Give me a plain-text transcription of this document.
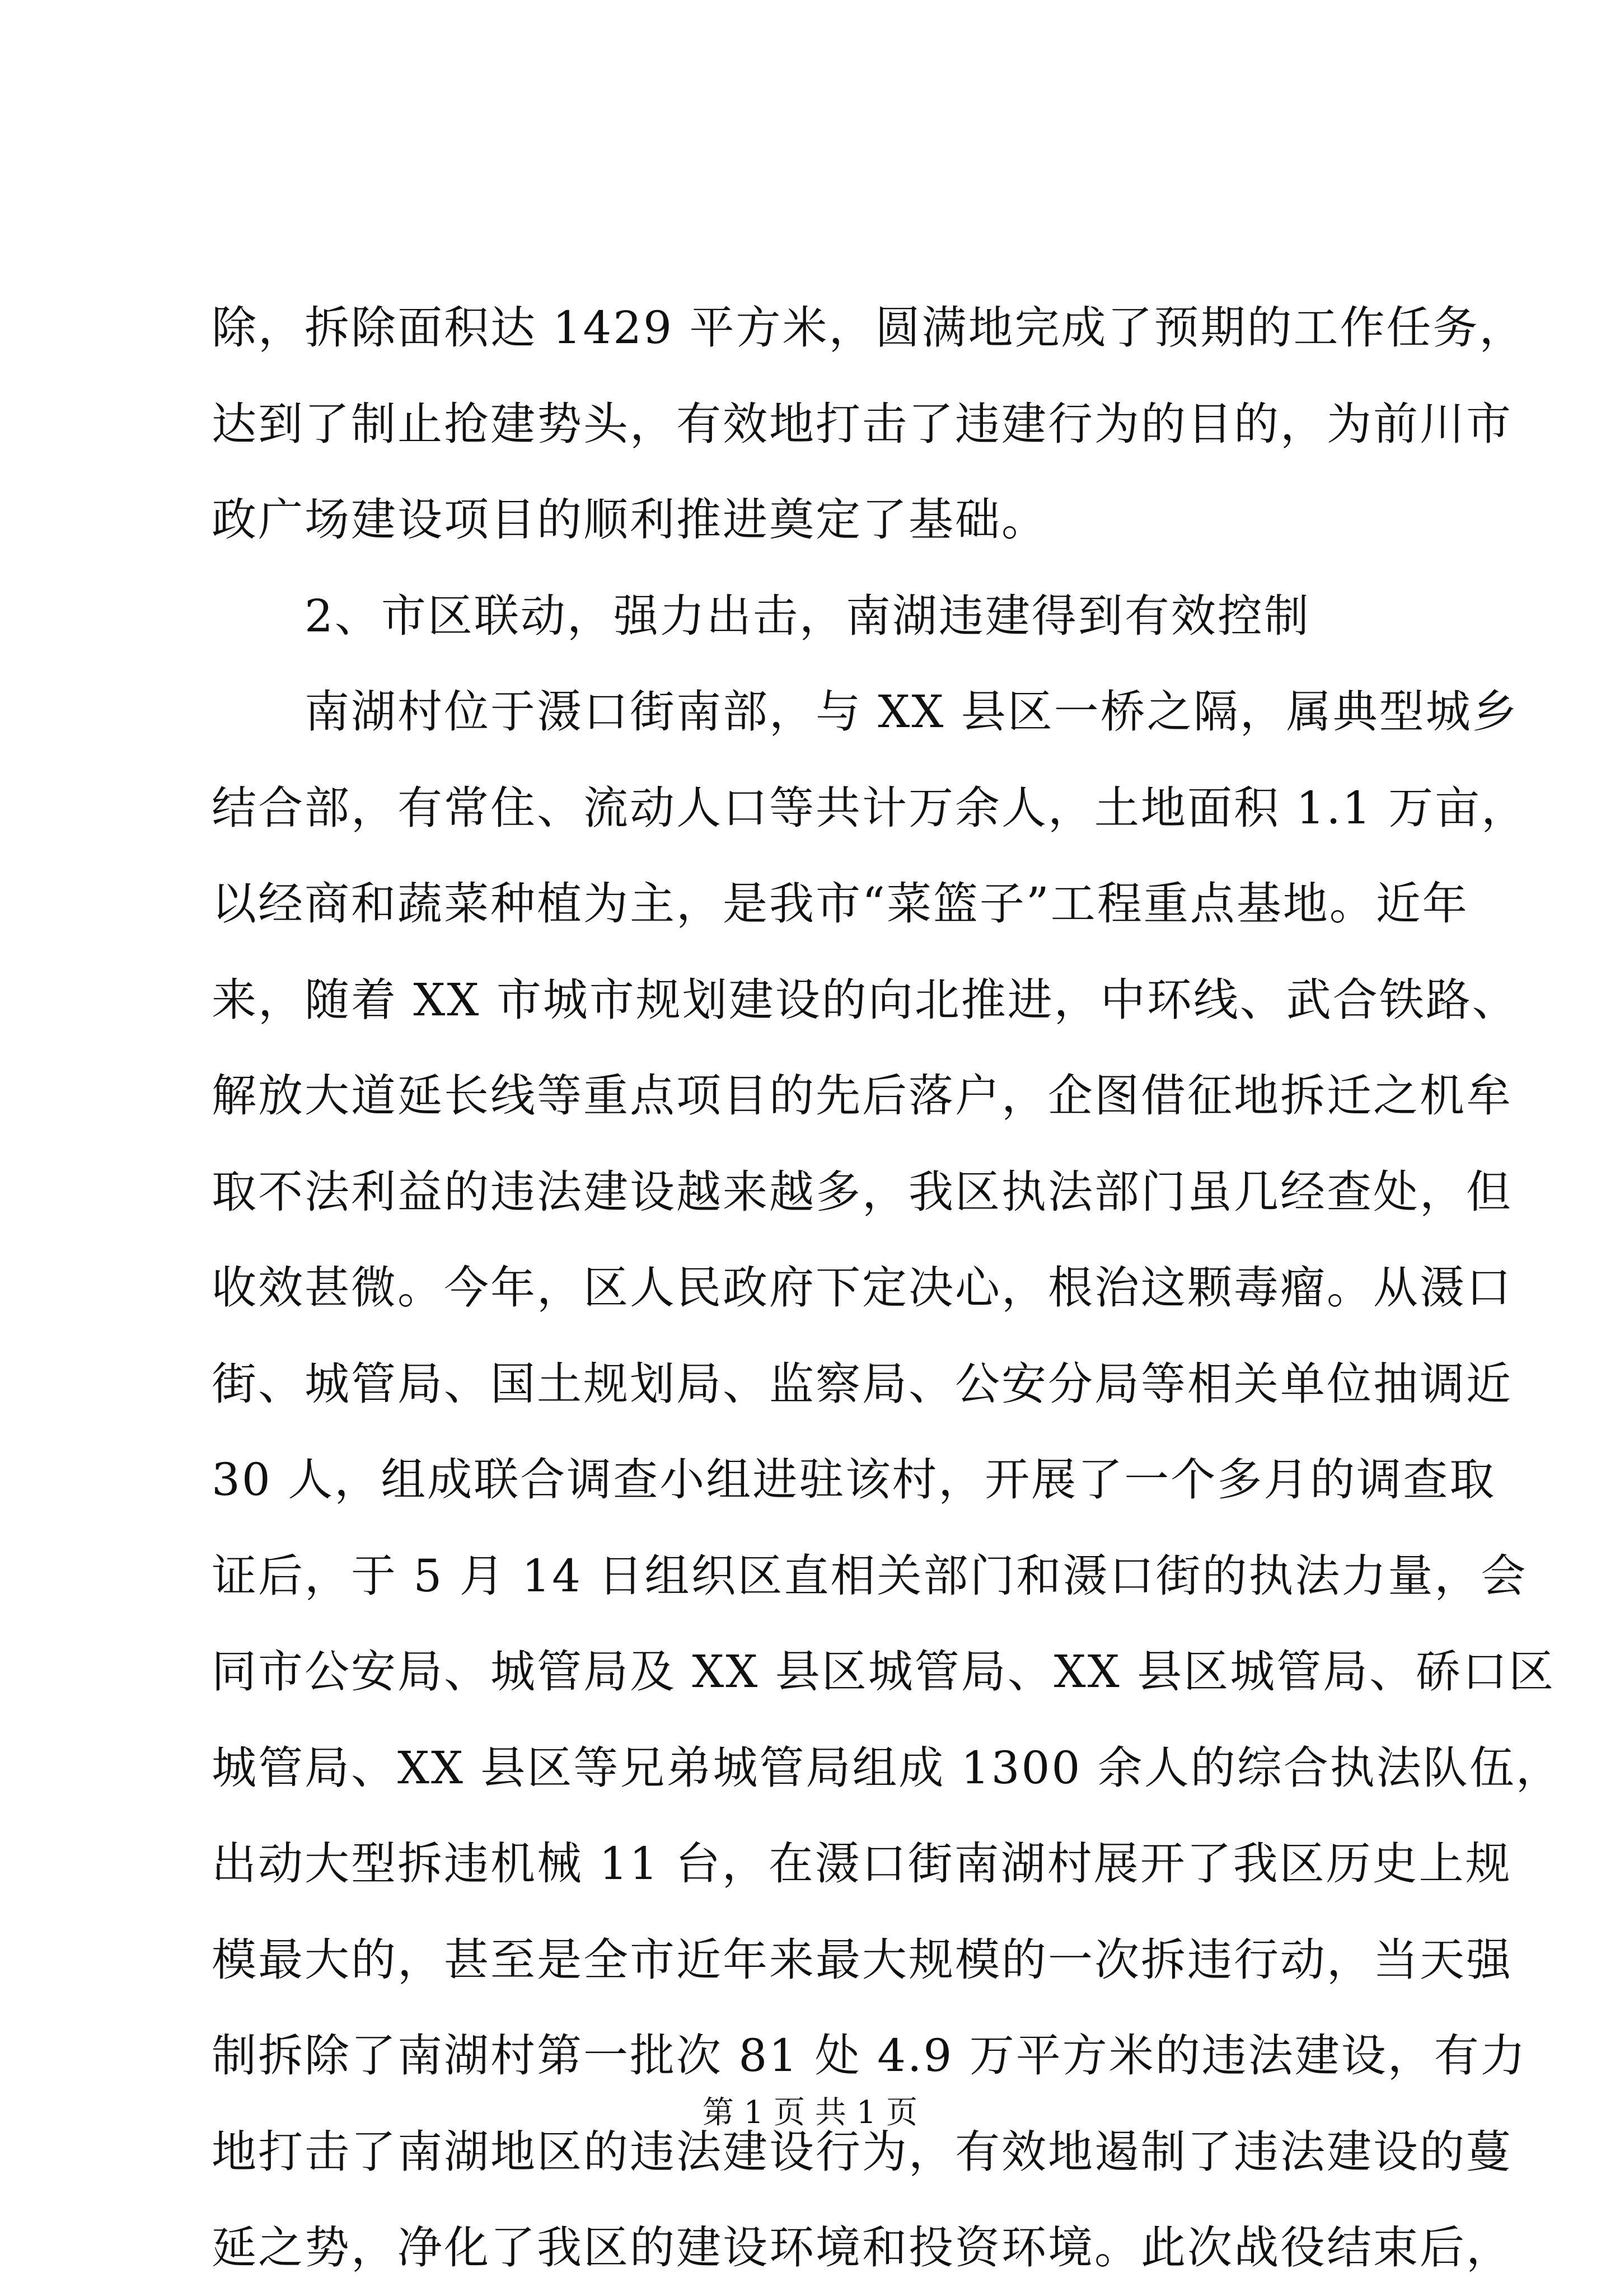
除，拆除面积达 1429 平方米，圆满地完成了预期的工作任务，
达到了制止抢建势头，有效地打击了违建行为的目的，为前川市
政广场建设项目的顺利推进奠定了基础。
2、市区联动，强力出击，南湖违建得到有效控制
南湖村位于滠口街南部，与 XX 县区一桥之隔，属典型城乡
结合部，有常住、流动人口等共计万余人，土地面积 1.1 万亩，
以经商和蔬菜种植为主，是我市“菜篮子”工程重点基地。近年
来，随着 XX 市城市规划建设的向北推进，中环线、武合铁路、
解放大道延长线等重点项目的先后落户，企图借征地拆迁之机牟
取不法利益的违法建设越来越多，我区执法部门虽几经查处，但
收效甚微。今年，区人民政府下定决心，根治这颗毒瘤。从滠口
街、城管局、国土规划局、监察局、公安分局等相关单位抽调近
30 人，组成联合调查小组进驻该村，开展了一个多月的调查取
证后，于 5 月 14 日组织区直相关部门和滠口街的执法力量，会
同市公安局、城管局及 XX 县区城管局、XX 县区城管局、硚口区
城管局、XX 县区等兄弟城管局组成 1300 余人的综合执法队伍，
出动大型拆违机械 11 台，在滠口街南湖村展开了我区历史上规
模最大的，甚至是全市近年来最大规模的一次拆违行动，当天强
制拆除了南湖村第一批次 81 处 4.9 万平方米的违法建设，有力
地打击了南湖地区的违法建设行为，有效地遏制了违法建设的蔓
延之势，净化了我区的建设环境和投资环境。此次战役结束后，
第 1 页 共 1 页
